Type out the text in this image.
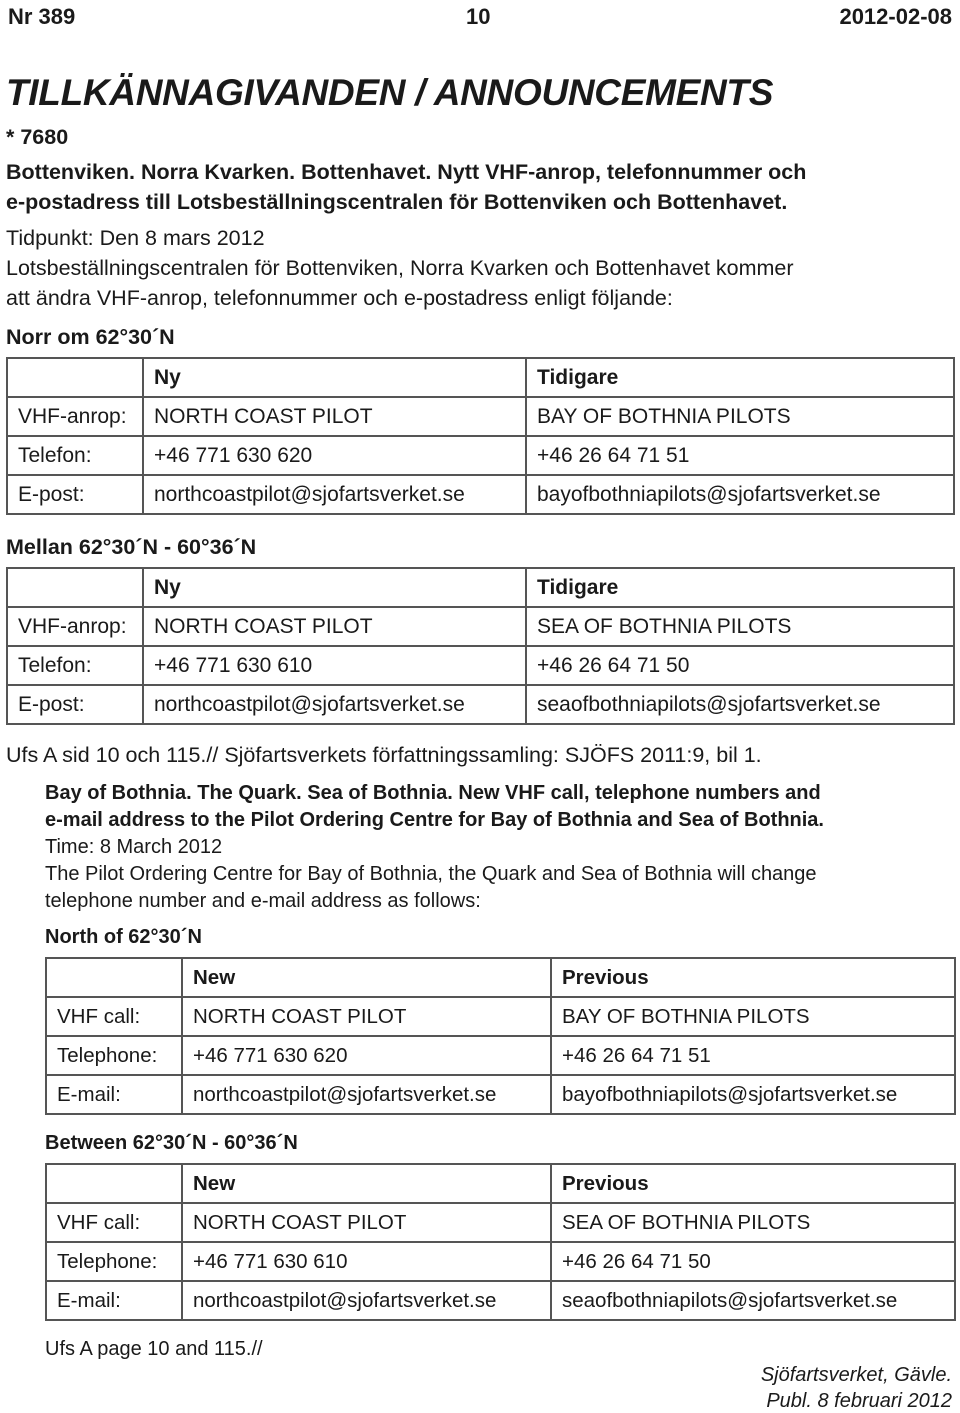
Nr 389	10	2012-02-08
TILLKÄNNAGIVANDEN / ANNOUNCEMENTS
* 7680
Bottenviken. Norra Kvarken. Bottenhavet. Nytt VHF-anrop, telefonnummer och
e-postadress till Lotsbeställningscentralen för Bottenviken och Bottenhavet.
Tidpunkt: Den 8 mars 2012
Lotsbeställningscentralen för Bottenviken, Norra Kvarken och Bottenhavet kommer
att ändra VHF-anrop, telefonnummer och e-postadress enligt följande:
Norr om 62°30´N
	Ny	Tidigare
VHF-anrop:	NORTH COAST PILOT	BAY OF BOTHNIA PILOTS
Telefon:	+46 771 630 620	+46 26 64 71 51
E-post:	northcoastpilot@sjofartsverket.se	bayofbothniapilots@sjofartsverket.se
Mellan 62°30´N - 60°36´N
	Ny	Tidigare
VHF-anrop:	NORTH COAST PILOT	SEA OF BOTHNIA PILOTS
Telefon:	+46 771 630 610	+46 26 64 71 50
E-post:	northcoastpilot@sjofartsverket.se	seaofbothniapilots@sjofartsverket.se
Ufs A sid 10 och 115.// Sjöfartsverkets författningssamling: SJÖFS 2011:9, bil 1.
Bay of Bothnia. The Quark. Sea of Bothnia. New VHF call, telephone numbers and
e-mail address to the Pilot Ordering Centre for Bay of Bothnia and Sea of Bothnia.
Time: 8 March 2012
The Pilot Ordering Centre for Bay of Bothnia, the Quark and Sea of Bothnia will change
telephone number and e-mail address as follows:
North of 62°30´N
	New	Previous
VHF call:	NORTH COAST PILOT	BAY OF BOTHNIA PILOTS
Telephone:	+46 771 630 620	+46 26 64 71 51
E-mail:	northcoastpilot@sjofartsverket.se	bayofbothniapilots@sjofartsverket.se
Between 62°30´N - 60°36´N
	New	Previous
VHF call:	NORTH COAST PILOT	SEA OF BOTHNIA PILOTS
Telephone:	+46 771 630 610	+46 26 64 71 50
E-mail:	northcoastpilot@sjofartsverket.se	seaofbothniapilots@sjofartsverket.se
Ufs A page 10 and 115.//
Sjöfartsverket, Gävle.
Publ. 8 februari 2012
